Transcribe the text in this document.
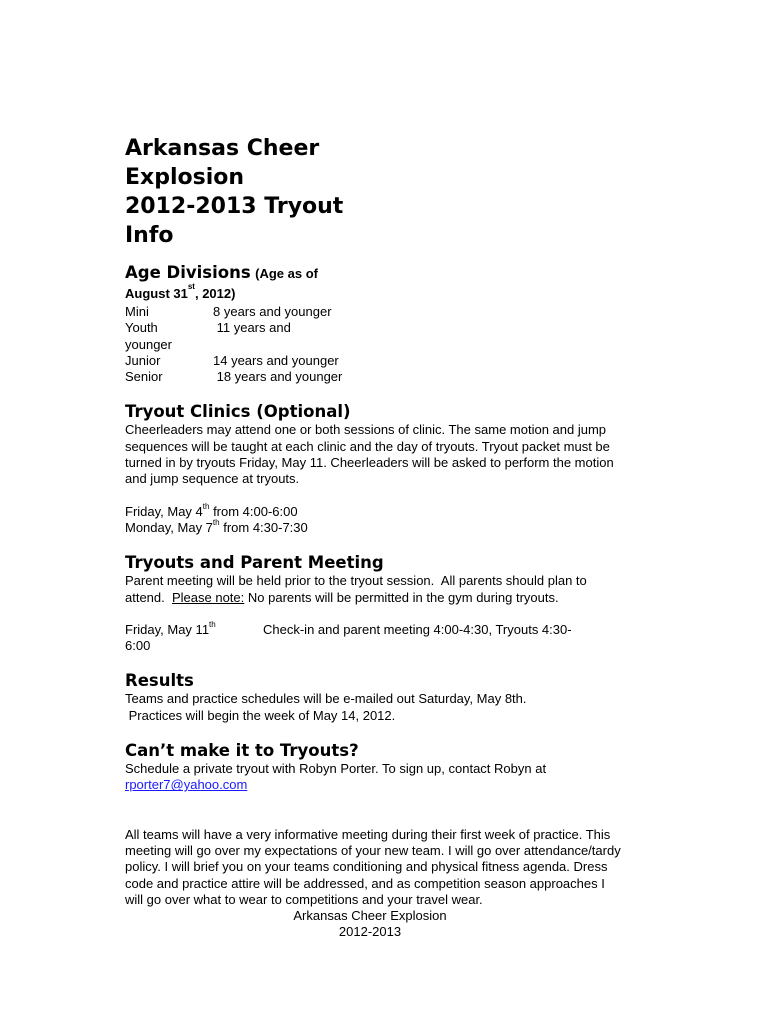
Arkansas Cheer
Explosion
2012-2013 Tryout
Info
Age Divisions (Age as of August 31st, 2012)
Mini	8 years and younger
Youth	11 years and
younger
Junior	14 years and younger
Senior	18 years and younger
Tryout Clinics (Optional)
Cheerleaders may attend one or both sessions of clinic. The same motion and jump sequences will be taught at each clinic and the day of tryouts. Tryout packet must be turned in by tryouts Friday, May 11. Cheerleaders will be asked to perform the motion and jump sequence at tryouts.
Friday, May 4th from 4:00-6:00
Monday, May 7th from 4:30-7:30
Tryouts and Parent Meeting
Parent meeting will be held prior to the tryout session.  All parents should plan to attend.  Please note: No parents will be permitted in the gym during tryouts.
Friday, May 11th	Check-in and parent meeting 4:00-4:30, Tryouts 4:30-
6:00
Results
Teams and practice schedules will be e-mailed out Saturday, May 8th.
Practices will begin the week of May 14, 2012.
Can’t make it to Tryouts?
Schedule a private tryout with Robyn Porter. To sign up, contact Robyn at
rporter7@yahoo.com
All teams will have a very informative meeting during their first week of practice. This meeting will go over my expectations of your new team. I will go over attendance/tardy policy. I will brief you on your teams conditioning and physical fitness agenda. Dress code and practice attire will be addressed, and as competition season approaches I will go over what to wear to competitions and your travel wear.
Arkansas Cheer Explosion
2012-2013
